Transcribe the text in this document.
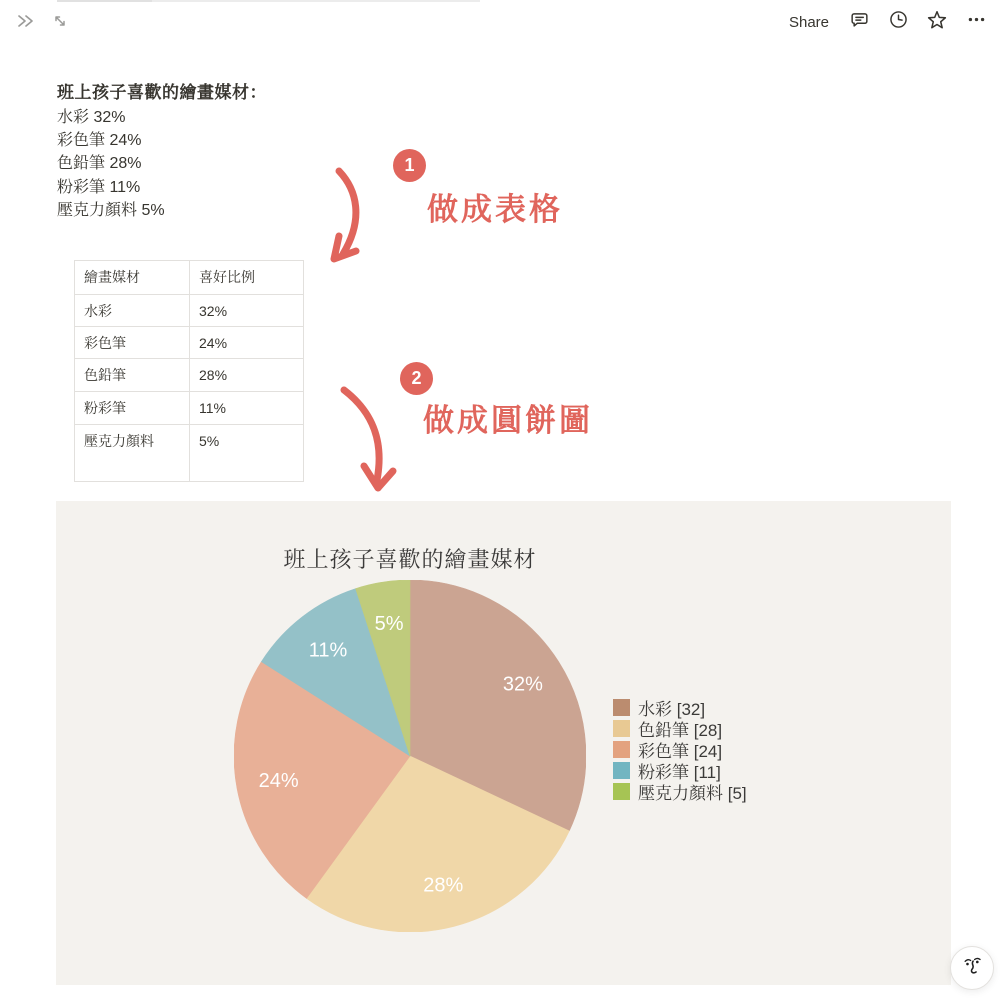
Share
班上孩子喜歡的繪畫媒材：
水彩 32%
彩色筆 24%
色鉛筆 28%
粉彩筆 11%
壓克力顏料 5%
1
做成表格
2
做成圓餅圖
繪畫媒材	喜好比例
水彩	32%
彩色筆	24%
色鉛筆	28%
粉彩筆	11%
壓克力顏料	5%
班上孩子喜歡的繪畫媒材
32%
28%
24%
11%
5%
水彩 [32]
色鉛筆 [28]
彩色筆 [24]
粉彩筆 [11]
壓克力顏料 [5]
